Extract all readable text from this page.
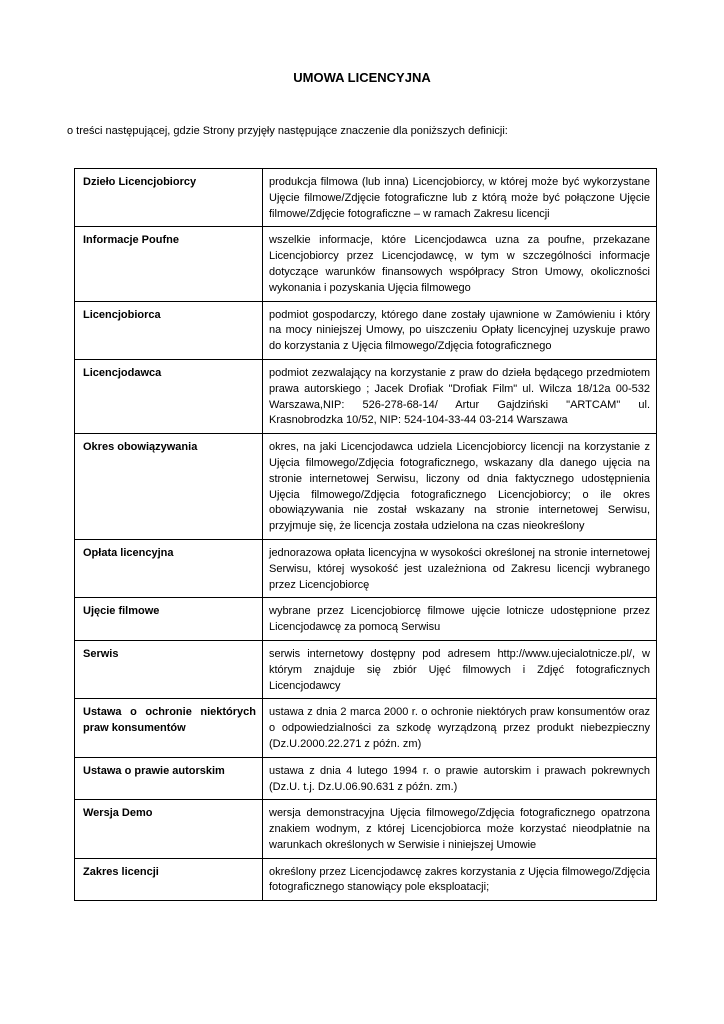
UMOWA LICENCYJNA
o treści następującej, gdzie Strony przyjęły następujące znaczenie dla poniższych definicji:
Dzieło Licencjobiorcy	produkcja filmowa (lub inna) Licencjobiorcy, w której może być wykorzystane Ujęcie filmowe/Zdjęcie fotograficzne lub z którą może być połączone Ujęcie filmowe/Zdjęcie fotograficzne – w ramach Zakresu licencji

Informacje Poufne	wszelkie informacje, które Licencjodawca uzna za poufne, przekazane Licencjobiorcy przez Licencjodawcę, w tym w szczególności informacje dotyczące warunków finansowych współpracy Stron Umowy, okoliczności wykonania i pozyskania Ujęcia filmowego

Licencjobiorca	podmiot gospodarczy, którego dane zostały ujawnione w Zamówieniu i który na mocy niniejszej Umowy, po uiszczeniu Opłaty licencyjnej uzyskuje prawo do korzystania z Ujęcia filmowego/Zdjęcia fotograficznego

Licencjodawca	podmiot zezwalający na korzystanie z praw do dzieła będącego przedmiotem prawa autorskiego ; Jacek Drofiak "Drofiak Film" ul. Wilcza 18/12a 00-532 Warszawa,NIP: 526-278-68-14/ Artur Gajdziński "ARTCAM" ul. Krasnobrodzka 10/52, NIP: 524-104-33-44 03-214 Warszawa

Okres obowiązywania	okres, na jaki Licencjodawca udziela Licencjobiorcy licencji na korzystanie z Ujęcia filmowego/Zdjęcia fotograficznego, wskazany dla danego ujęcia na stronie internetowej Serwisu, liczony od dnia faktycznego udostępnienia Ujęcia filmowego/Zdjęcia fotograficznego Licencjobiorcy; o ile okres obowiązywania nie został wskazany na stronie internetowej Serwisu, przyjmuje się, że licencja została udzielona na czas nieokreślony

Opłata licencyjna	jednorazowa opłata licencyjna w wysokości określonej na stronie internetowej Serwisu, której wysokość jest uzależniona od Zakresu licencji wybranego przez Licencjobiorcę

Ujęcie filmowe	wybrane przez Licencjobiorcę filmowe ujęcie lotnicze udostępnione przez Licencjodawcę za pomocą Serwisu

Serwis	serwis internetowy dostępny pod adresem http://www.ujecialotnicze.pl/, w którym znajduje się zbiór Ujęć filmowych i Zdjęć fotograficznych Licencjodawcy

Ustawa o ochronie niektórych praw konsumentów	ustawa z dnia 2 marca 2000 r. o ochronie niektórych praw konsumentów oraz o odpowiedzialności za szkodę wyrządzoną przez produkt niebezpieczny (Dz.U.2000.22.271 z późn. zm)

Ustawa o prawie autorskim	ustawa z dnia 4 lutego 1994 r. o prawie autorskim i prawach pokrewnych (Dz.U. t.j. Dz.U.06.90.631 z późn. zm.)

Wersja Demo	wersja demonstracyjna Ujęcia filmowego/Zdjęcia fotograficznego opatrzona znakiem wodnym, z której Licencjobiorca może korzystać nieodpłatnie na warunkach określonych w Serwisie i niniejszej Umowie

Zakres licencji	określony przez Licencjodawcę zakres korzystania z Ujęcia filmowego/Zdjęcia fotograficznego stanowiący pole eksploatacji;
